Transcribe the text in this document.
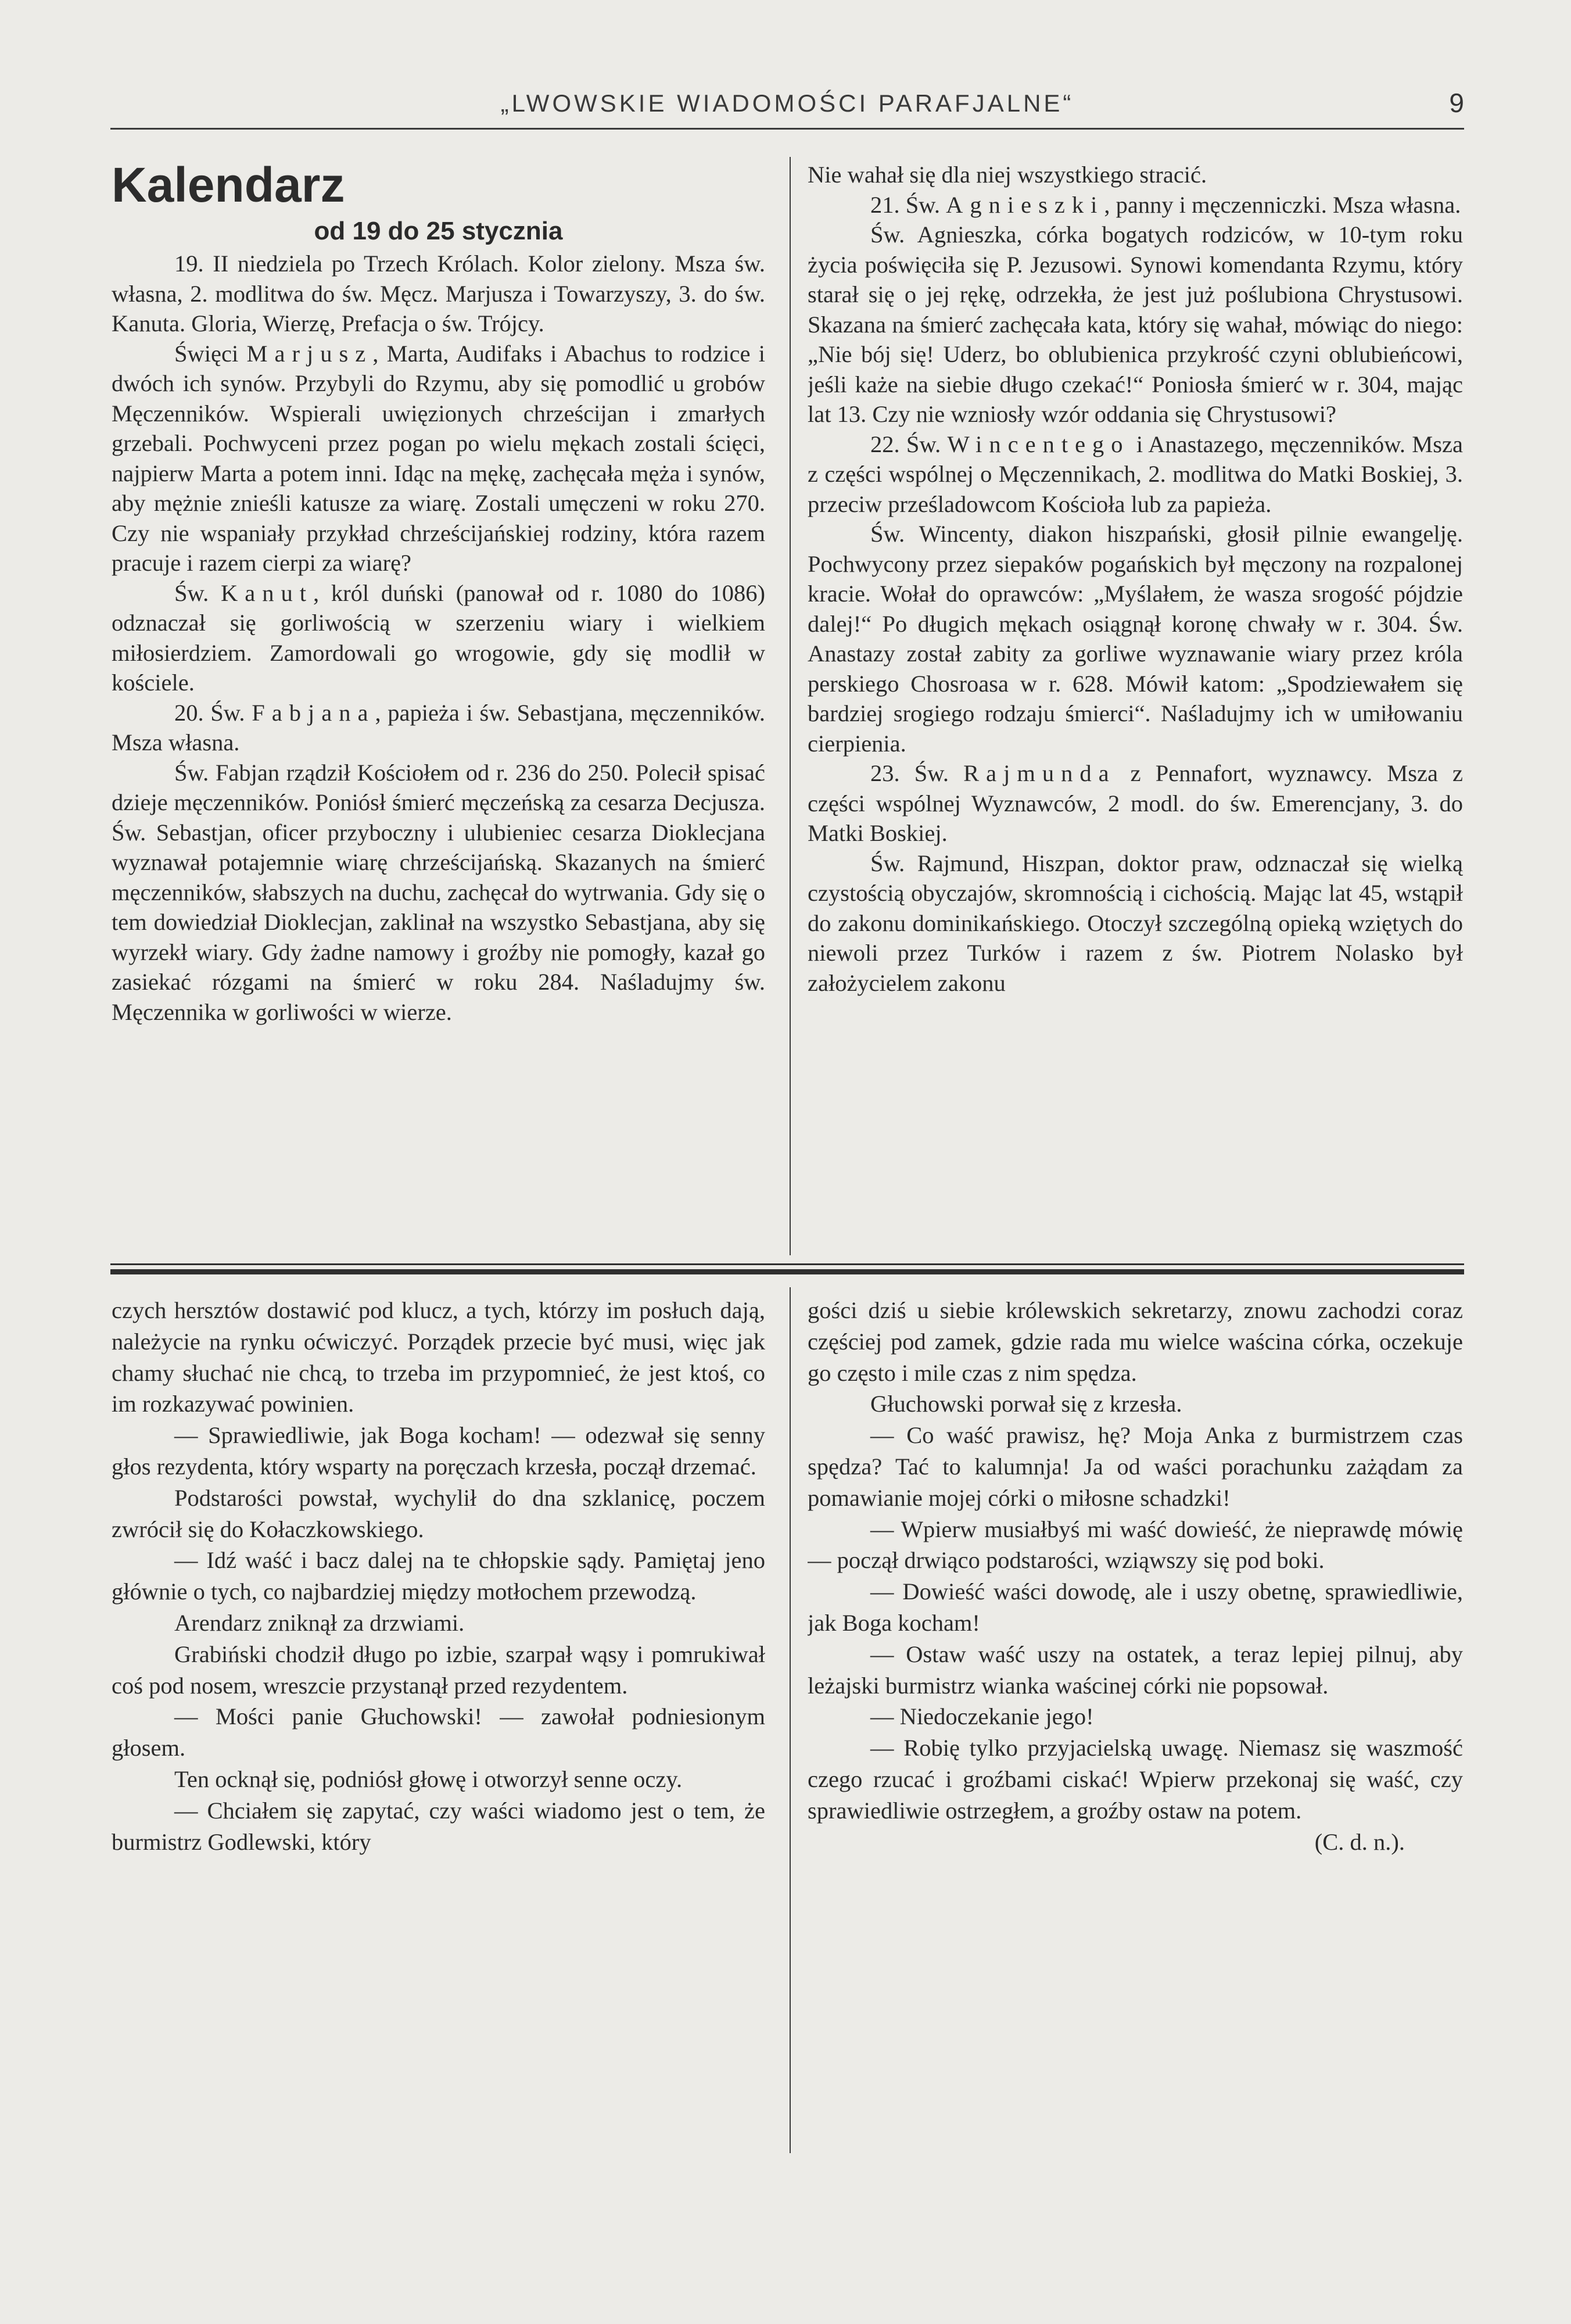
„LWOWSKIE WIADOMOŚCI PARAFJALNE“	9
Kalendarz

od 19 do 25 stycznia

19. II niedziela po Trzech Królach. Kolor zielony. Msza św. własna, 2. modlitwa do św. Męcz. Marjusza i Towarzyszy, 3. do św. Kanuta. Gloria, Wierzę, Prefacja o św. Trójcy.

Święci Marjusz, Marta, Audifaks i Abachus to rodzice i dwóch ich synów. Przybyli do Rzymu, aby się pomodlić u grobów Męczenników. Wspierali uwięzionych chrześcijan i zmarłych grzebali. Pochwyceni przez pogan po wielu mękach zostali ścięci, najpierw Marta a potem inni. Idąc na mękę, zachęcała męża i synów, aby mężnie znieśli katusze za wiarę. Zostali umęczeni w roku 270. Czy nie wspaniały przykład chrześcijańskiej rodziny, która razem pracuje i razem cierpi za wiarę?

Św. Kanut, król duński (panował od r. 1080 do 1086) odznaczał się gorliwością w szerzeniu wiary i wielkiem miłosierdziem. Zamordowali go wrogowie, gdy się modlił w kościele.

20. Św. Fabjana, papieża i św. Sebastjana, męczenników. Msza własna.

Św. Fabjan rządził Kościołem od r. 236 do 250. Polecił spisać dzieje męczenników. Poniósł śmierć męczeńską za cesarza Decjusza. Św. Sebastjan, oficer przyboczny i ulubieniec cesarza Dioklecjana wyznawał potajemnie wiarę chrześcijańską. Skazanych na śmierć męczenników, słabszych na duchu, zachęcał do wytrwania. Gdy się o tem dowiedział Dioklecjan, zaklinał na wszystko Sebastjana, aby się wyrzekł wiary. Gdy żadne namowy i groźby nie pomogły, kazał go zasiekać rózgami na śmierć w roku 284. Naśladujmy św. Męczennika w gorliwości w wierze.

Nie wahał się dla niej wszystkiego stracić.

21. Św. Agnieszki, panny i męczenniczki. Msza własna.

Św. Agnieszka, córka bogatych rodziców, w 10-tym roku życia poświęciła się P. Jezusowi. Synowi komendanta Rzymu, który starał się o jej rękę, odrzekła, że jest już poślubiona Chrystusowi. Skazana na śmierć zachęcała kata, który się wahał, mówiąc do niego: „Nie bój się! Uderz, bo oblubienica przykrość czyni oblubieńcowi, jeśli każe na siebie długo czekać!“ Poniosła śmierć w r. 304, mając lat 13. Czy nie wzniosły wzór oddania się Chrystusowi?

22. Św. Wincentego i Anastazego, męczenników. Msza z części wspólnej o Męczennikach, 2. modlitwa do Matki Boskiej, 3. przeciw prześladowcom Kościoła lub za papieża.

Św. Wincenty, diakon hiszpański, głosił pilnie ewangelję. Pochwycony przez siepaków pogańskich był męczony na rozpalonej kracie. Wołał do oprawców: „Myślałem, że wasza srogość pójdzie dalej!“ Po długich mękach osiągnął koronę chwały w r. 304. Św. Anastazy został zabity za gorliwe wyznawanie wiary przez króla perskiego Chosroasa w r. 628. Mówił katom: „Spodziewałem się bardziej srogiego rodzaju śmierci“. Naśladujmy ich w umiłowaniu cierpienia.

23. Św. Rajmunda z Pennafort, wyznawcy. Msza z części wspólnej Wyznawców, 2 modl. do św. Emerencjany, 3. do Matki Boskiej.

Św. Rajmund, Hiszpan, doktor praw, odznaczał się wielką czystością obyczajów, skromnością i cichością. Mając lat 45, wstąpił do zakonu dominikańskiego. Otoczył szczególną opieką wziętych do niewoli przez Turków i razem z św. Piotrem Nolasko był założycielem zakonu

czych hersztów dostawić pod klucz, a tych, którzy im posłuch dają, należycie na rynku oćwiczyć. Porządek przecie być musi, więc jak chamy słuchać nie chcą, to trzeba im przypomnieć, że jest ktoś, co im rozkazywać powinien.

— Sprawiedliwie, jak Boga kocham! — odezwał się senny głos rezydenta, który wsparty na poręczach krzesła, począł drzemać.

Podstarości powstał, wychylił do dna szklanicę, poczem zwrócił się do Kołaczkowskiego.

— Idź waść i bacz dalej na te chłopskie sądy. Pamiętaj jeno głównie o tych, co najbardziej między motłochem przewodzą.

Arendarz zniknął za drzwiami.

Grabiński chodził długo po izbie, szarpał wąsy i pomrukiwał coś pod nosem, wreszcie przystanął przed rezydentem.

— Mości panie Głuchowski! — zawołał podniesionym głosem.

Ten ocknął się, podniósł głowę i otworzył senne oczy.

— Chciałem się zapytać, czy waści wiadomo jest o tem, że burmistrz Godlewski, który

gości dziś u siebie królewskich sekretarzy, znowu zachodzi coraz częściej pod zamek, gdzie rada mu wielce waścina córka, oczekuje go często i mile czas z nim spędza.

Głuchowski porwał się z krzesła.

— Co waść prawisz, hę? Moja Anka z burmistrzem czas spędza? Tać to kalumnja! Ja od waści porachunku zażądam za pomawianie mojej córki o miłosne schadzki!

— Wpierw musiałbyś mi waść dowieść, że nieprawdę mówię — począł drwiąco podstarości, wziąwszy się pod boki.

— Dowieść waści dowodę, ale i uszy obetnę, sprawiedliwie, jak Boga kocham!

— Ostaw waść uszy na ostatek, a teraz lepiej pilnuj, aby leżajski burmistrz wianka waścinej córki nie popsował.

— Niedoczekanie jego!

— Robię tylko przyjacielską uwagę. Niemasz się waszmość czego rzucać i groźbami ciskać! Wpierw przekonaj się waść, czy sprawiedliwie ostrzegłem, a groźby ostaw na potem.

(C. d. n.).
